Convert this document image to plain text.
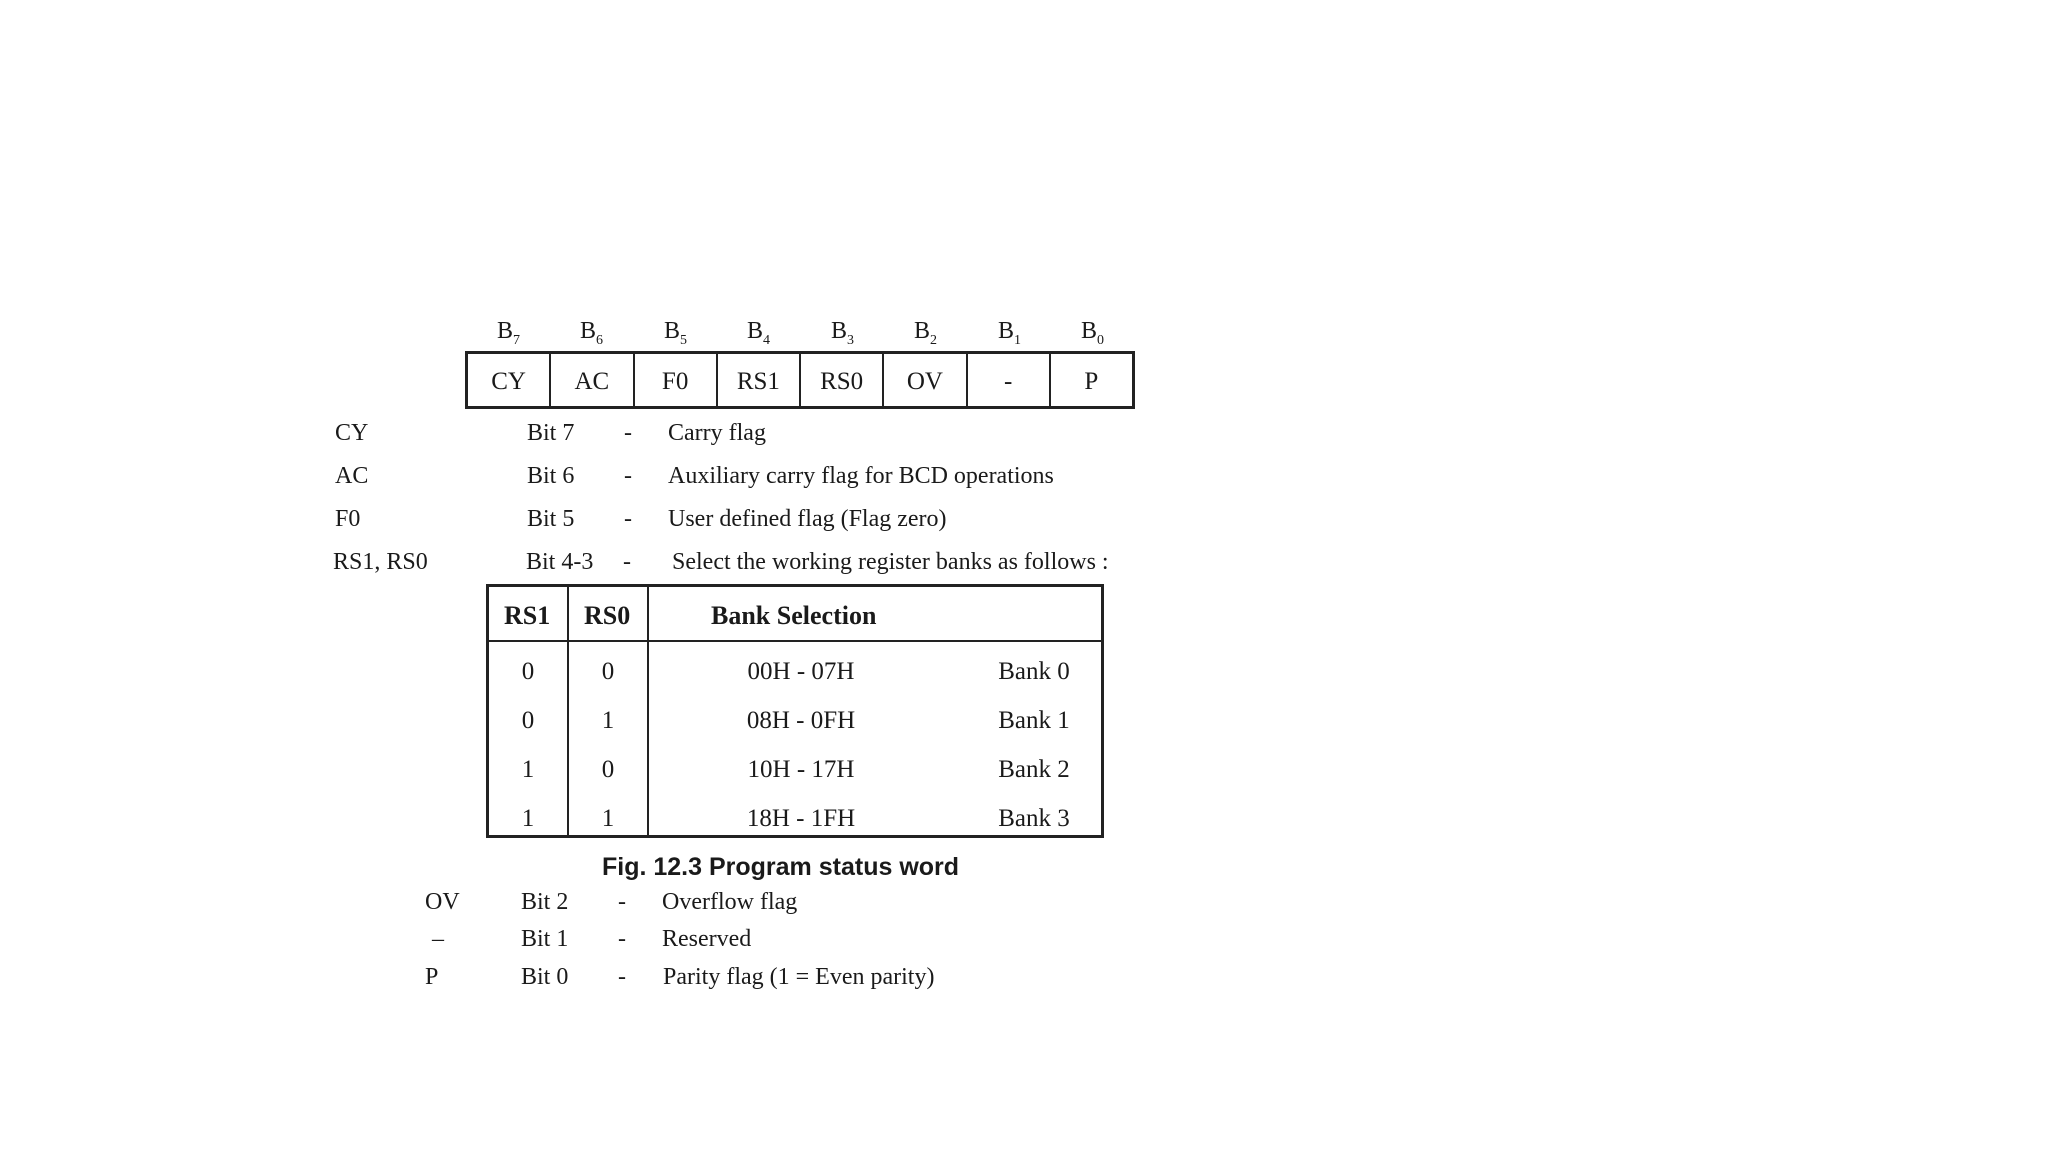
$B_7$	$B_6$	$B_5$	$B_4$	$B_3$	$B_2$	$B_1$	$B_0$
CY	AC	F0	RS1	RS0	OV	-	P
CY	Bit 7 - Carry flag
AC	Bit 6 - Auxiliary carry flag for BCD operations
F0	Bit 5 - User defined flag (Flag zero)
RS1, RS0	Bit 4-3 - Select the working register banks as follows :
RS1 RS0	Bank Selection
0	0	00H - 07H	Bank 0
0	1	08H - 0FH	Bank 1
1	0	10H - 17H	Bank 2
1	1	18H - 1FH	Bank 3
Fig. 12.3 Program status word
OV	Bit 2 - Overflow flag
–	Bit 1 - Reserved
P	Bit 0 - Parity flag (1 = Even parity)
